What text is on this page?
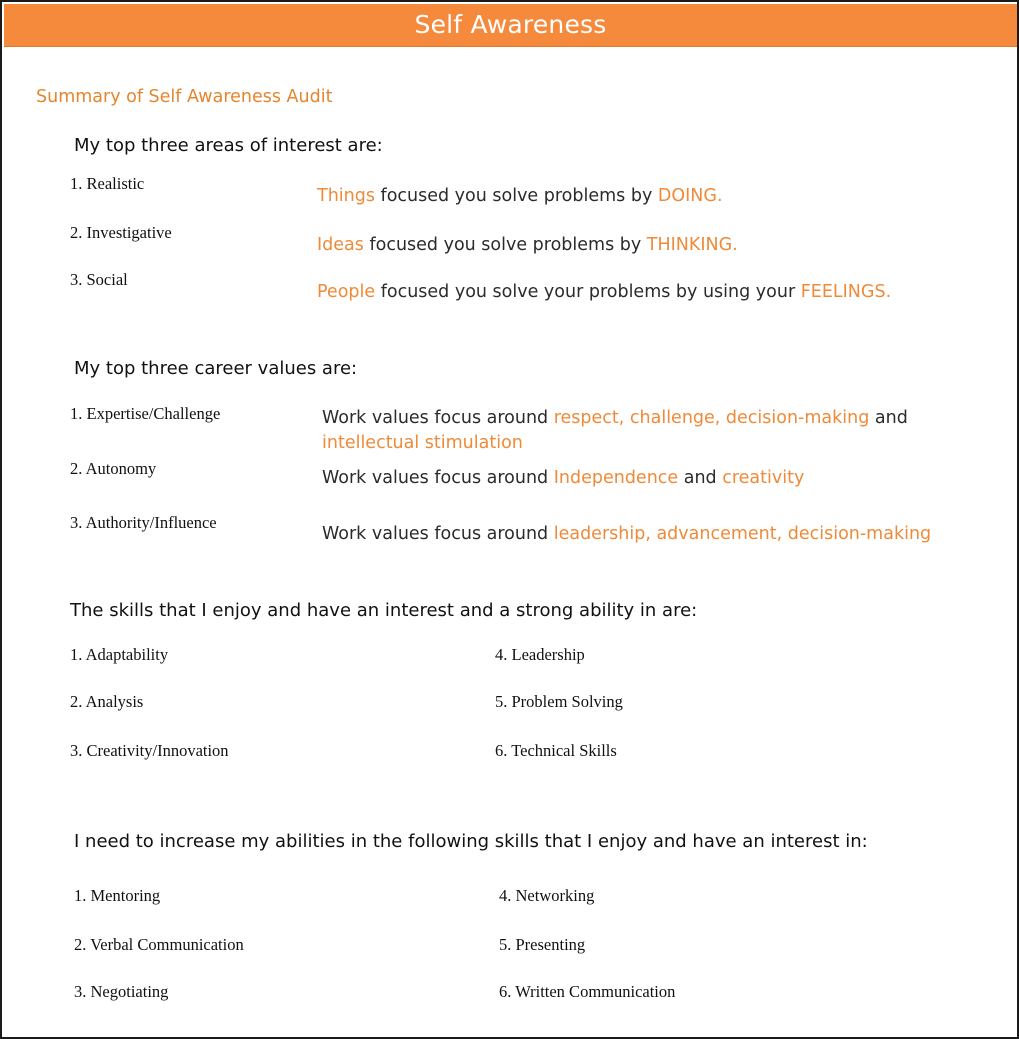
Self Awareness
Summary of Self Awareness Audit
My top three areas of interest are:
1. Realistic
2. Investigative
3. Social
Things focused you solve problems by DOING.
Ideas focused you solve problems by THINKING.
People focused you solve your problems by using your FEELINGS.
My top three career values are:
1. Expertise/Challenge
2. Autonomy
3. Authority/Influence
Work values focus around respect, challenge, decision-making and intellectual stimulation
Work values focus around Independence and creativity
Work values focus around leadership, advancement, decision-making
The skills that I enjoy and have an interest and a strong ability in are:
1. Adaptability
2. Analysis
3. Creativity/Innovation
4. Leadership
5. Problem Solving
6. Technical Skills
I need to increase my abilities in the following skills that I enjoy and have an interest in:
1. Mentoring
2. Verbal Communication
3. Negotiating
4. Networking
5. Presenting
6. Written Communication
